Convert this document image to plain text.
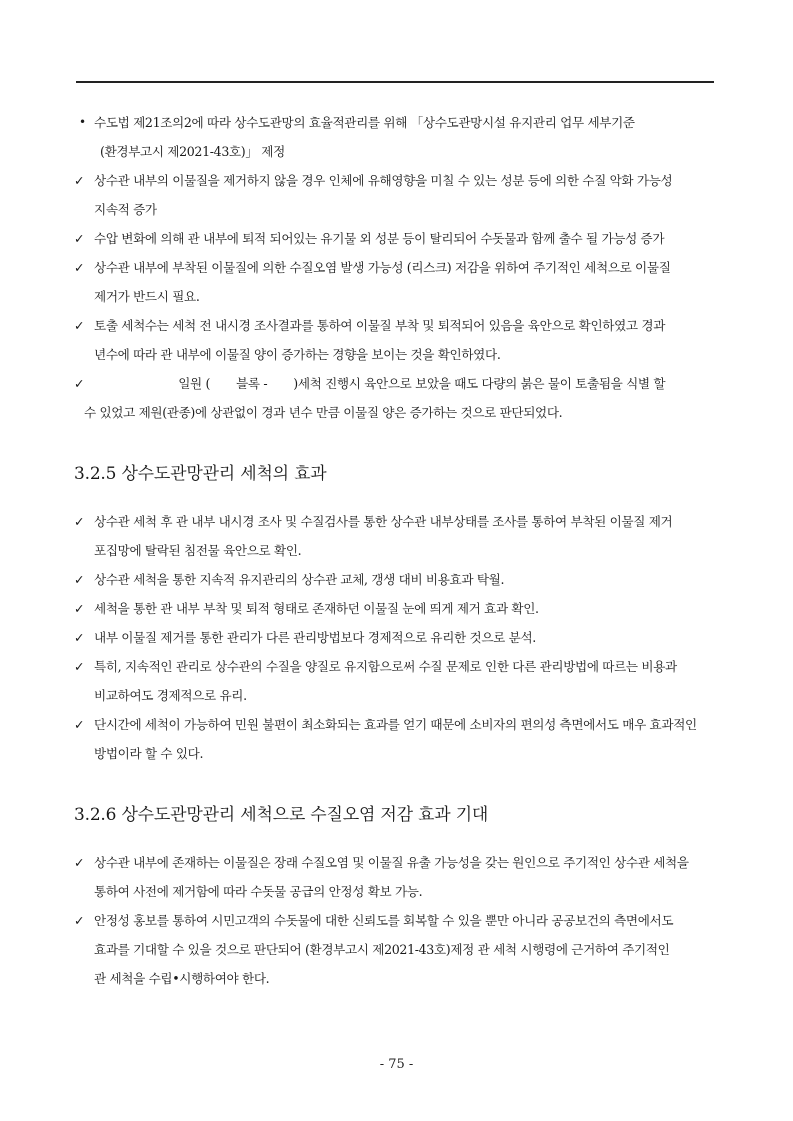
• 수도법 제21조의2에 따라 상수도관망의 효율적관리를 위해 「상수도관망시설 유지관리 업무 세부기준
(환경부고시 제2021-43호)」 제정
✓ 상수관 내부의 이물질을 제거하지 않을 경우 인체에 유해영향을 미칠 수 있는 성분 등에 의한 수질 악화 가능성
지속적 증가
✓ 수압 변화에 의해 관 내부에 퇴적 되어있는 유기물 외 성분 등이 탈리되어 수돗물과 함께 출수 될 가능성 증가
✓ 상수관 내부에 부착된 이물질에 의한 수질오염 발생 가능성 (리스크) 저감을 위하여 주기적인 세척으로 이물질
제거가 반드시 필요.
✓ 토출 세척수는 세척 전 내시경 조사결과를 통하여 이물질 부착 및 퇴적되어 있음을 육안으로 확인하였고 경과
년수에 따라 관 내부에 이물질 양이 증가하는 경향을 보이는 것을 확인하였다.
✓	일원 ( 블록 - )세척 진행시 육안으로 보았을 때도 다량의 붉은 물이 토출됨을 식별 할
수 있었고 제원(관종)에 상관없이 경과 년수 만큼 이물질 양은 증가하는 것으로 판단되었다.
3.2.5 상수도관망관리 세척의 효과
✓ 상수관 세척 후 관 내부 내시경 조사 및 수질검사를 통한 상수관 내부상태를 조사를 통하여 부착된 이물질 제거
포집망에 탈락된 침전물 육안으로 확인.
✓ 상수관 세척을 통한 지속적 유지관리의 상수관 교체, 갱생 대비 비용효과 탁월.
✓ 세척을 통한 관 내부 부착 및 퇴적 형태로 존재하던 이물질 눈에 띄게 제거 효과 확인.
✓ 내부 이물질 제거를 통한 관리가 다른 관리방법보다 경제적으로 유리한 것으로 분석.
✓ 특히, 지속적인 관리로 상수관의 수질을 양질로 유지함으로써 수질 문제로 인한 다른 관리방법에 따르는 비용과
비교하여도 경제적으로 유리.
✓ 단시간에 세척이 가능하여 민원 불편이 최소화되는 효과를 얻기 때문에 소비자의 편의성 측면에서도 매우 효과적인
방법이라 할 수 있다.
3.2.6 상수도관망관리 세척으로 수질오염 저감 효과 기대
✓ 상수관 내부에 존재하는 이물질은 장래 수질오염 및 이물질 유출 가능성을 갖는 원인으로 주기적인 상수관 세척을
통하여 사전에 제거함에 따라 수돗물 공급의 안정성 확보 가능.
✓ 안정성 홍보를 통하여 시민고객의 수돗물에 대한 신뢰도를 회복할 수 있을 뿐만 아니라 공공보건의 측면에서도
효과를 기대할 수 있을 것으로 판단되어 (환경부고시 제2021-43호)제정 관 세척 시행령에 근거하여 주기적인
관 세척을 수립•시행하여야 한다.
- 75 -
